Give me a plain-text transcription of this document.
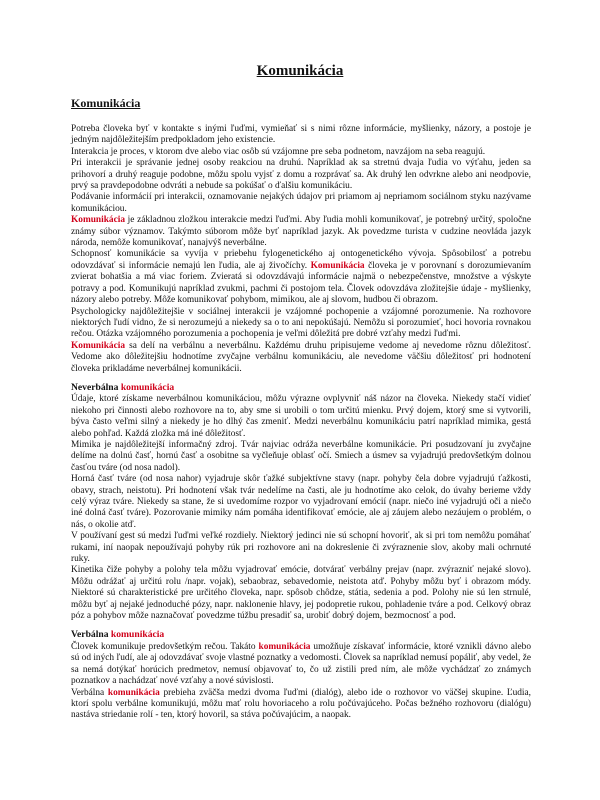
Komunikácia
Komunikácia

Potreba človeka byť v kontakte s inými ľuďmi, vymieňať si s nimi rôzne informácie, myšlienky, názory, a postoje je jedným najdôležitejším predpokladom jeho existencie.

Interakcia je proces, v ktorom dve alebo viac osôb sú vzájomne pre seba podnetom, navzájom na seba reagujú.

Pri interakcii je správanie jednej osoby reakciou na druhú. Napríklad ak sa stretnú dvaja ľudia vo výťahu, jeden sa prihovorí a druhý reaguje podobne, môžu spolu vyjsť z domu a rozprávať sa. Ak druhý len odvrkne alebo ani neodpovie, prvý sa pravdepodobne odvráti a nebude sa pokúšať o ďalšiu komunikáciu.

Podávanie informácií pri interakcii, oznamovanie nejakých údajov pri priamom aj nepriamom sociálnom styku nazývame komunikáciou.

Komunikácia je základnou zložkou interakcie medzi ľuďmi. Aby ľudia mohli komunikovať, je potrebný určitý, spoločne známy súbor významov. Takýmto súborom môže byť napríklad jazyk. Ak povedzme turista v cudzine neovláda jazyk národa, nemôže komunikovať, nanajvýš neverbálne.

Schopnosť komunikácie sa vyvíja v priebehu fylogenetického aj ontogenetického vývoja. Spôsobilosť a potrebu odovzdávať si informácie nemajú len ľudia, ale aj živočíchy. Komunikácia človeka je v porovnaní s dorozumievaním zvierat bohatšia a má viac foriem. Zvieratá si odovzdávajú informácie najmä o nebezpečenstve, množstve a výskyte potravy a pod. Komunikujú napríklad zvukmi, pachmi či postojom tela. Človek odovzdáva zložitejšie údaje - myšlienky, názory alebo potreby. Môže komunikovať pohybom, mimikou, ale aj slovom, hudbou či obrazom.

Psychologicky najdôležitejšie v sociálnej interakcii je vzájomné pochopenie a vzájomné porozumenie. Na rozhovore niektorých ľudí vidno, že si nerozumejú a niekedy sa o to ani nepokúšajú. Nemôžu si porozumieť, hoci hovoria rovnakou rečou. Otázka vzájomného porozumenia a pochopenia je veľmi dôležitá pre dobré vzťahy medzi ľuďmi.

Komunikácia sa delí na verbálnu a neverbálnu. Každému druhu pripisujeme vedome aj nevedome rôznu dôležitosť. Vedome ako dôležitejšiu hodnotíme zvyčajne verbálnu komunikáciu, ale nevedome väčšiu dôležitosť pri hodnotení človeka prikladáme neverbálnej komunikácii.

Neverbálna komunikácia

Údaje, ktoré získame neverbálnou komunikáciou, môžu výrazne ovplyvniť náš názor na človeka. Niekedy stačí vidieť niekoho pri činnosti alebo rozhovore na to, aby sme si urobili o tom určitú mienku. Prvý dojem, ktorý sme si vytvorili, býva často veľmi silný a niekedy je ho dlhý čas zmeniť. Medzi neverbálnu komunikáciu patrí napríklad mimika, gestá alebo pohľad. Každá zložka má iné dôležitosť.

Mimika je najdôležitejší informačný zdroj. Tvár najviac odráža neverbálne komunikácie. Pri posudzovaní ju zvyčajne delíme na dolnú časť, hornú časť a osobitne sa vyčleňuje oblasť očí. Smiech a úsmev sa vyjadrujú predovšetkým dolnou časťou tváre (od nosa nadol).

Horná časť tváre (od nosa nahor) vyjadruje skôr ťažké subjektívne stavy (napr. pohyby čela dobre vyjadrujú ťažkosti, obavy, strach, neistotu). Pri hodnotení však tvár nedelíme na časti, ale ju hodnotíme ako celok, do úvahy berieme vždy celý výraz tváre. Niekedy sa stane, že si uvedomíme rozpor vo vyjadrovaní emócií (napr. niečo iné vyjadrujú oči a niečo iné dolná časť tváre). Pozorovanie mimiky nám pomáha identifikovať emócie, ale aj záujem alebo nezáujem o problém, o nás, o okolie atď.

V používaní gest sú medzi ľuďmi veľké rozdiely. Niektorý jedinci nie sú schopní hovoriť, ak si pri tom nemôžu pomáhať rukami, iní naopak nepoužívajú pohyby rúk pri rozhovore ani na dokreslenie či zvýraznenie slov, akoby mali ochrnuté ruky.

Kinetika čiže pohyby a polohy tela môžu vyjadrovať emócie, dotvárať verbálny prejav (napr. zvýrazniť nejaké slovo). Môžu odrážať aj určitú rolu /napr. vojak), sebaobraz, sebavedomie, neistota atď. Pohyby môžu byť i obrazom módy. Niektoré sú charakteristické pre určitého človeka, napr. spôsob chôdze, státia, sedenia a pod. Polohy nie sú len strnulé, môžu byť aj nejaké jednoduché pózy, napr. naklonenie hlavy, jej podopretie rukou, pohladenie tváre a pod. Celkový obraz póz a pohybov môže naznačovať povedzme túžbu presadiť sa, urobiť dobrý dojem, bezmocnosť a pod.

Verbálna komunikácia

Človek komunikuje predovšetkým rečou. Takáto komunikácia umožňuje získavať informácie, ktoré vznikli dávno alebo sú od iných ľudí, ale aj odovzdávať svoje vlastné poznatky a vedomosti. Človek sa napríklad nemusí popáliť, aby vedel, že sa nemá dotýkať horúcich predmetov, nemusí objavovať to, čo už zistili pred ním, ale môže vychádzať zo známych poznatkov a nachádzať nové vzťahy a nové súvislosti.

Verbálna komunikácia prebieha zväčša medzi dvoma ľuďmi (dialóg), alebo ide o rozhovor vo väčšej skupine. Ľudia, ktorí spolu verbálne komunikujú, môžu mať rolu hovoriaceho a rolu počúvajúceho. Počas bežného rozhovoru (dialógu) nastáva striedanie rolí - ten, ktorý hovoril, sa stáva počúvajúcim, a naopak.
